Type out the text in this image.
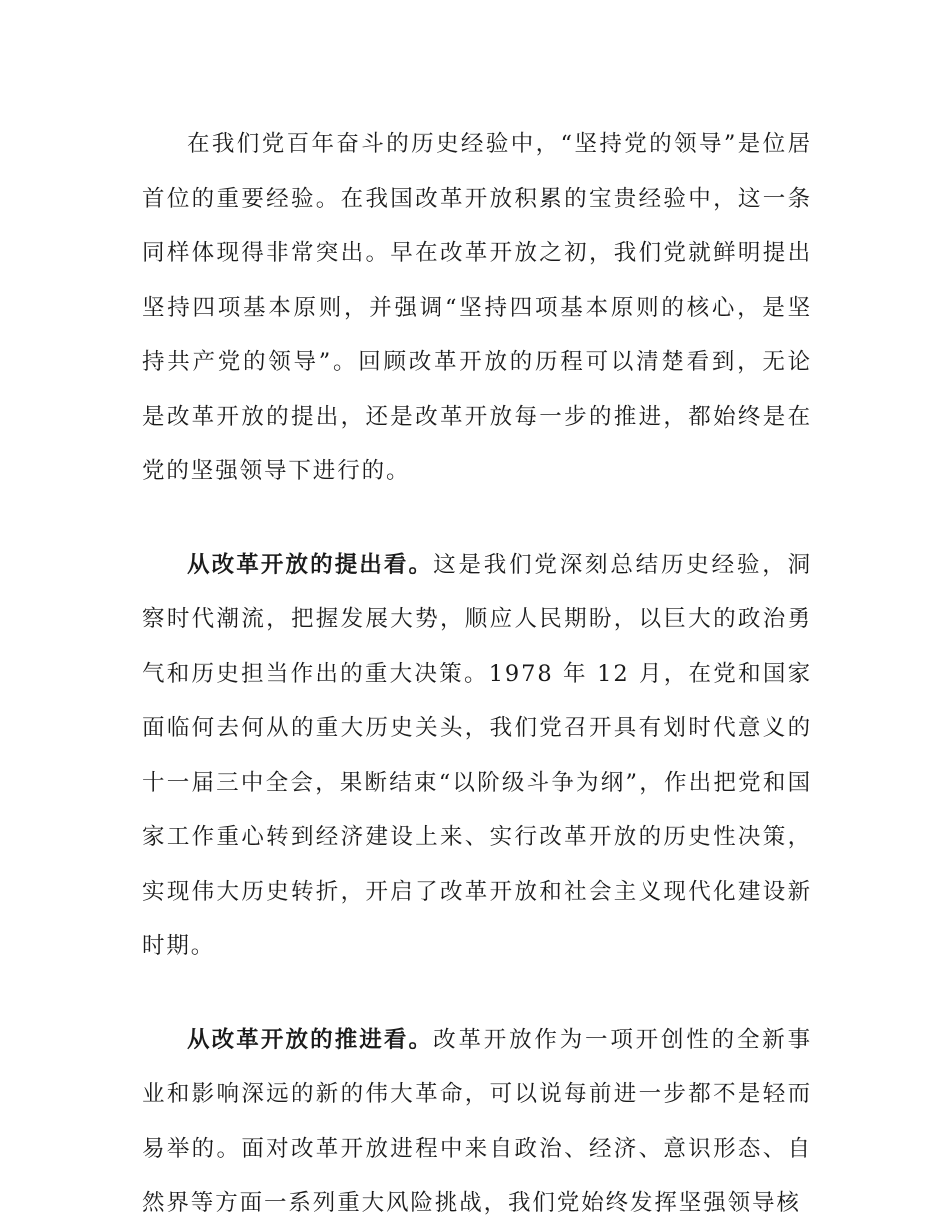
在我们党百年奋斗的历史经验中，“坚持党的领导”是位居首位的重要经验。在我国改革开放积累的宝贵经验中，这一条同样体现得非常突出。早在改革开放之初，我们党就鲜明提出坚持四项基本原则，并强调“坚持四项基本原则的核心，是坚持共产党的领导”。回顾改革开放的历程可以清楚看到，无论是改革开放的提出，还是改革开放每一步的推进，都始终是在党的坚强领导下进行的。

从改革开放的提出看。这是我们党深刻总结历史经验，洞察时代潮流，把握发展大势，顺应人民期盼，以巨大的政治勇气和历史担当作出的重大决策。1978 年 12 月，在党和国家面临何去何从的重大历史关头，我们党召开具有划时代意义的十一届三中全会，果断结束“以阶级斗争为纲”，作出把党和国家工作重心转到经济建设上来、实行改革开放的历史性决策，实现伟大历史转折，开启了改革开放和社会主义现代化建设新时期。

从改革开放的推进看。改革开放作为一项开创性的全新事业和影响深远的新的伟大革命，可以说每前进一步都不是轻而易举的。面对改革开放进程中来自政治、经济、意识形态、自然界等方面一系列重大风险挑战，我们党始终发挥坚强领导核
